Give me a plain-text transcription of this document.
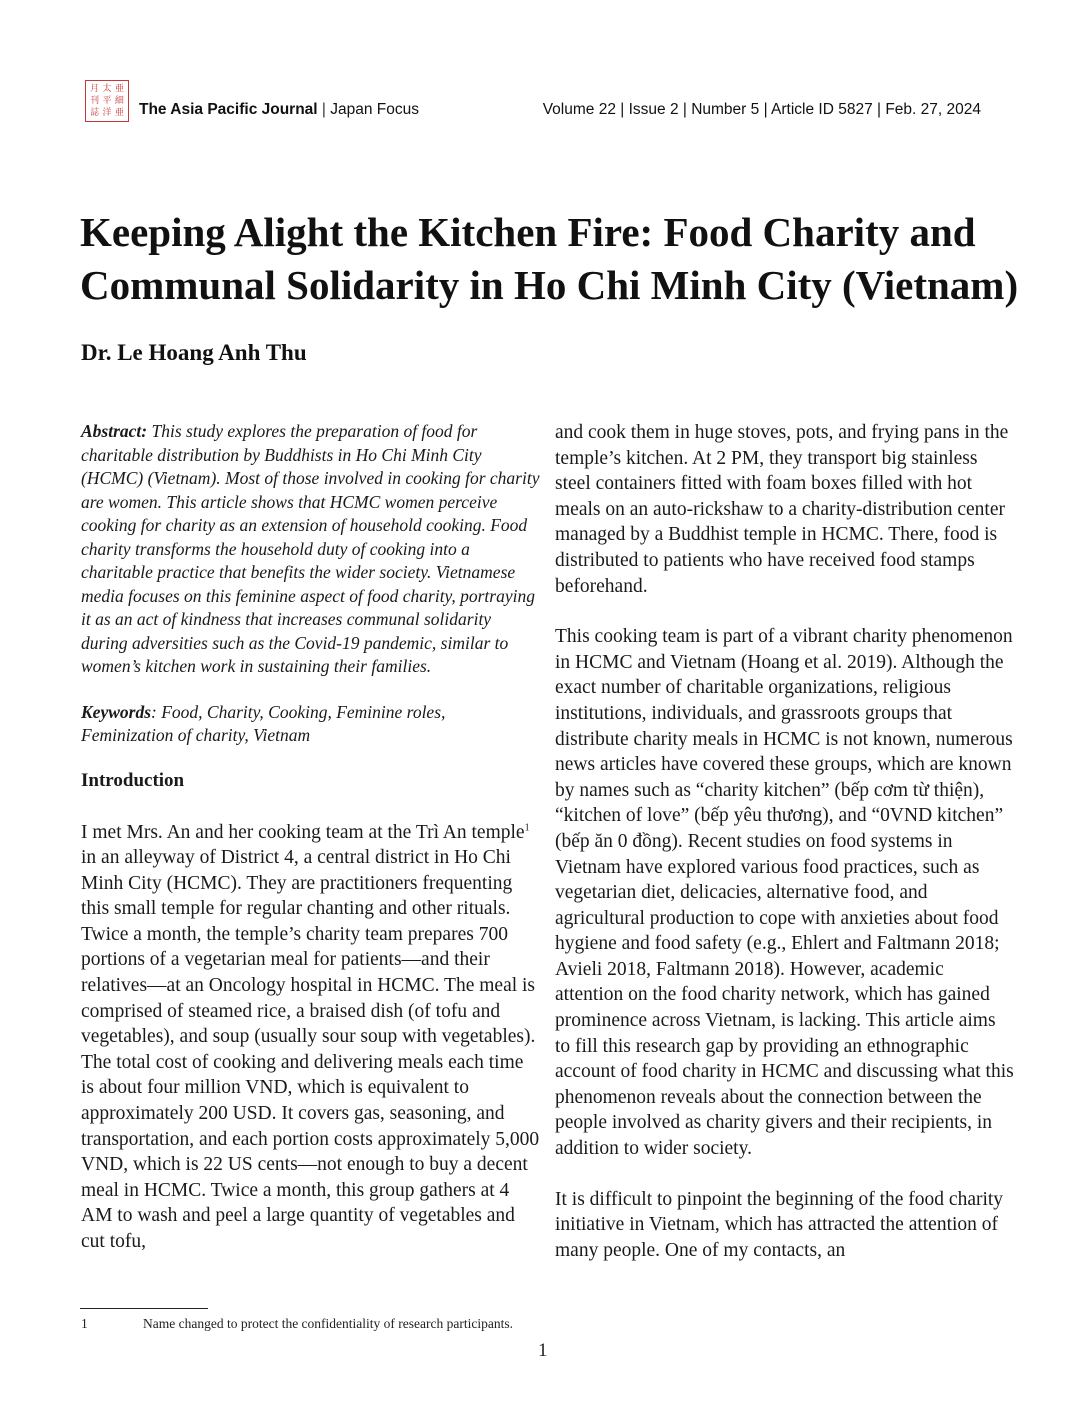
月 太 亜
刊 平 細
誌 洋 亜 The Asia Pacific Journal | Japan Focus	Volume 22 | Issue 2 | Number 5 | Article ID 5827 | Feb. 27, 2024
Keeping Alight the Kitchen Fire: Food Charity and Communal Solidarity in Ho Chi Minh City (Vietnam)
Dr. Le Hoang Anh Thu

Abstract: This study explores the preparation of food for charitable distribution by Buddhists in Ho Chi Minh City (HCMC) (Vietnam). Most of those involved in cooking for charity are women. This article shows that HCMC women perceive cooking for charity as an extension of household cooking. Food charity transforms the household duty of cooking into a charitable practice that benefits the wider society. Vietnamese media focuses on this feminine aspect of food charity, portraying it as an act of kindness that increases communal solidarity during adversities such as the Covid-19 pandemic, similar to women’s kitchen work in sustaining their families.

Keywords: Food, Charity, Cooking, Feminine roles, Feminization of charity, Vietnam

Introduction

I met Mrs. An and her cooking team at the Trì An temple$^1$ in an alleyway of District 4, a central district in Ho Chi Minh City (HCMC). They are practitioners frequenting this small temple for regular chanting and other rituals. Twice a month, the temple’s charity team prepares 700 portions of a vegetarian meal for patients—and their relatives—at an Oncology hospital in HCMC. The meal is comprised of steamed rice, a braised dish (of tofu and vegetables), and soup (usually sour soup with vegetables). The total cost of cooking and delivering meals each time is about four million VND, which is equivalent to approximately 200 USD. It covers gas, seasoning, and transportation, and each portion costs approximately 5,000 VND, which is 22 US cents—not enough to buy a decent meal in HCMC. Twice a month, this group gathers at 4 AM to wash and peel a large quantity of vegetables and cut tofu,

and cook them in huge stoves, pots, and frying pans in the temple’s kitchen. At 2 PM, they transport big stainless steel containers fitted with foam boxes filled with hot meals on an auto-rickshaw to a charity-distribution center managed by a Buddhist temple in HCMC. There, food is distributed to patients who have received food stamps beforehand.

This cooking team is part of a vibrant charity phenomenon in HCMC and Vietnam (Hoang et al. 2019). Although the exact number of charitable organizations, religious institutions, individuals, and grassroots groups that distribute charity meals in HCMC is not known, numerous news articles have covered these groups, which are known by names such as “charity kitchen” (bếp cơm từ thiện), “kitchen of love” (bếp yêu thương), and “0VND kitchen” (bếp ăn 0 đồng). Recent studies on food systems in Vietnam have explored various food practices, such as vegetarian diet, delicacies, alternative food, and agricultural production to cope with anxieties about food hygiene and food safety (e.g., Ehlert and Faltmann 2018; Avieli 2018, Faltmann 2018). However, academic attention on the food charity network, which has gained prominence across Vietnam, is lacking. This article aims to fill this research gap by providing an ethnographic account of food charity in HCMC and discussing what this phenomenon reveals about the connection between the people involved as charity givers and their recipients, in addition to wider society.

It is difficult to pinpoint the beginning of the food charity initiative in Vietnam, which has attracted the attention of many people. One of my contacts, an

1	Name changed to protect the confidentiality of research participants.
1
